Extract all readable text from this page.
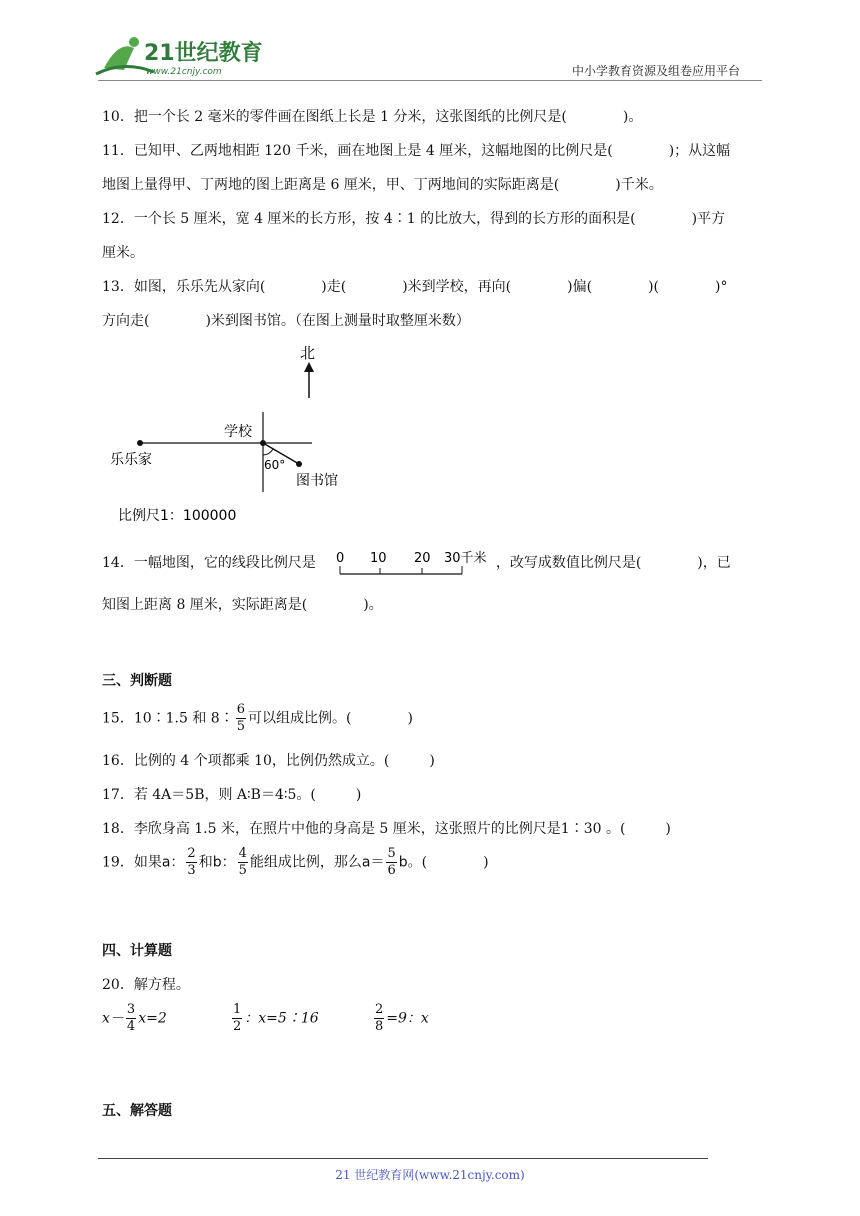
21世纪教育
www.21cnjy.com	中小学教育资源及组卷应用平台
10．把一个长 2 毫米的零件画在图纸上长是 1 分米，这张图纸的比例尺是(	)。
11．已知甲、乙两地相距 120 千米，画在地图上是 4 厘米，这幅地图的比例尺是(	)；从这幅
地图上量得甲、丁两地的图上距离是 6 厘米，甲、丁两地间的实际距离是(	)千米。
12．一个长 5 厘米，宽 4 厘米的长方形，按 4∶1 的比放大，得到的长方形的面积是(	)平方
厘米。
13．如图，乐乐先从家向(	)走(	)米到学校，再向(	)偏(	)(	)°
方向走(	)米到图书馆。（在图上测量时取整厘米数）
北
学校
乐乐家	60°
图书馆
比例尺1：100000
14．一幅地图，它的线段比例尺是	，改写成数值比例尺是(	)，已
0 10 20 30千米
知图上距离 8 厘米，实际距离是(	)。
三、判断题
15．10∶1.5 和 8∶ $\frac{6}{5}$ 可以组成比例。(	)
16．比例的 4 个项都乘 10，比例仍然成立。(	)
17．若 4A＝5B，则 A∶B＝4∶5。(	)
18．李欣身高 1.5 米，在照片中他的身高是 5 厘米，这张照片的比例尺是1∶30 。(	)
19．如果a： $\frac{2}{3}$ 和b： $\frac{4}{5}$ 能组成比例，那么$a= \frac{5}{6}$ b。(	)
四、计算题
20．解方程。
$x- \frac{3}{4} x=2$	$\frac{1}{2}$ ：x=5∶16	$\frac{2}{8} =9$：x
五、解答题
21 世纪教育网(www.21cnjy.com)
